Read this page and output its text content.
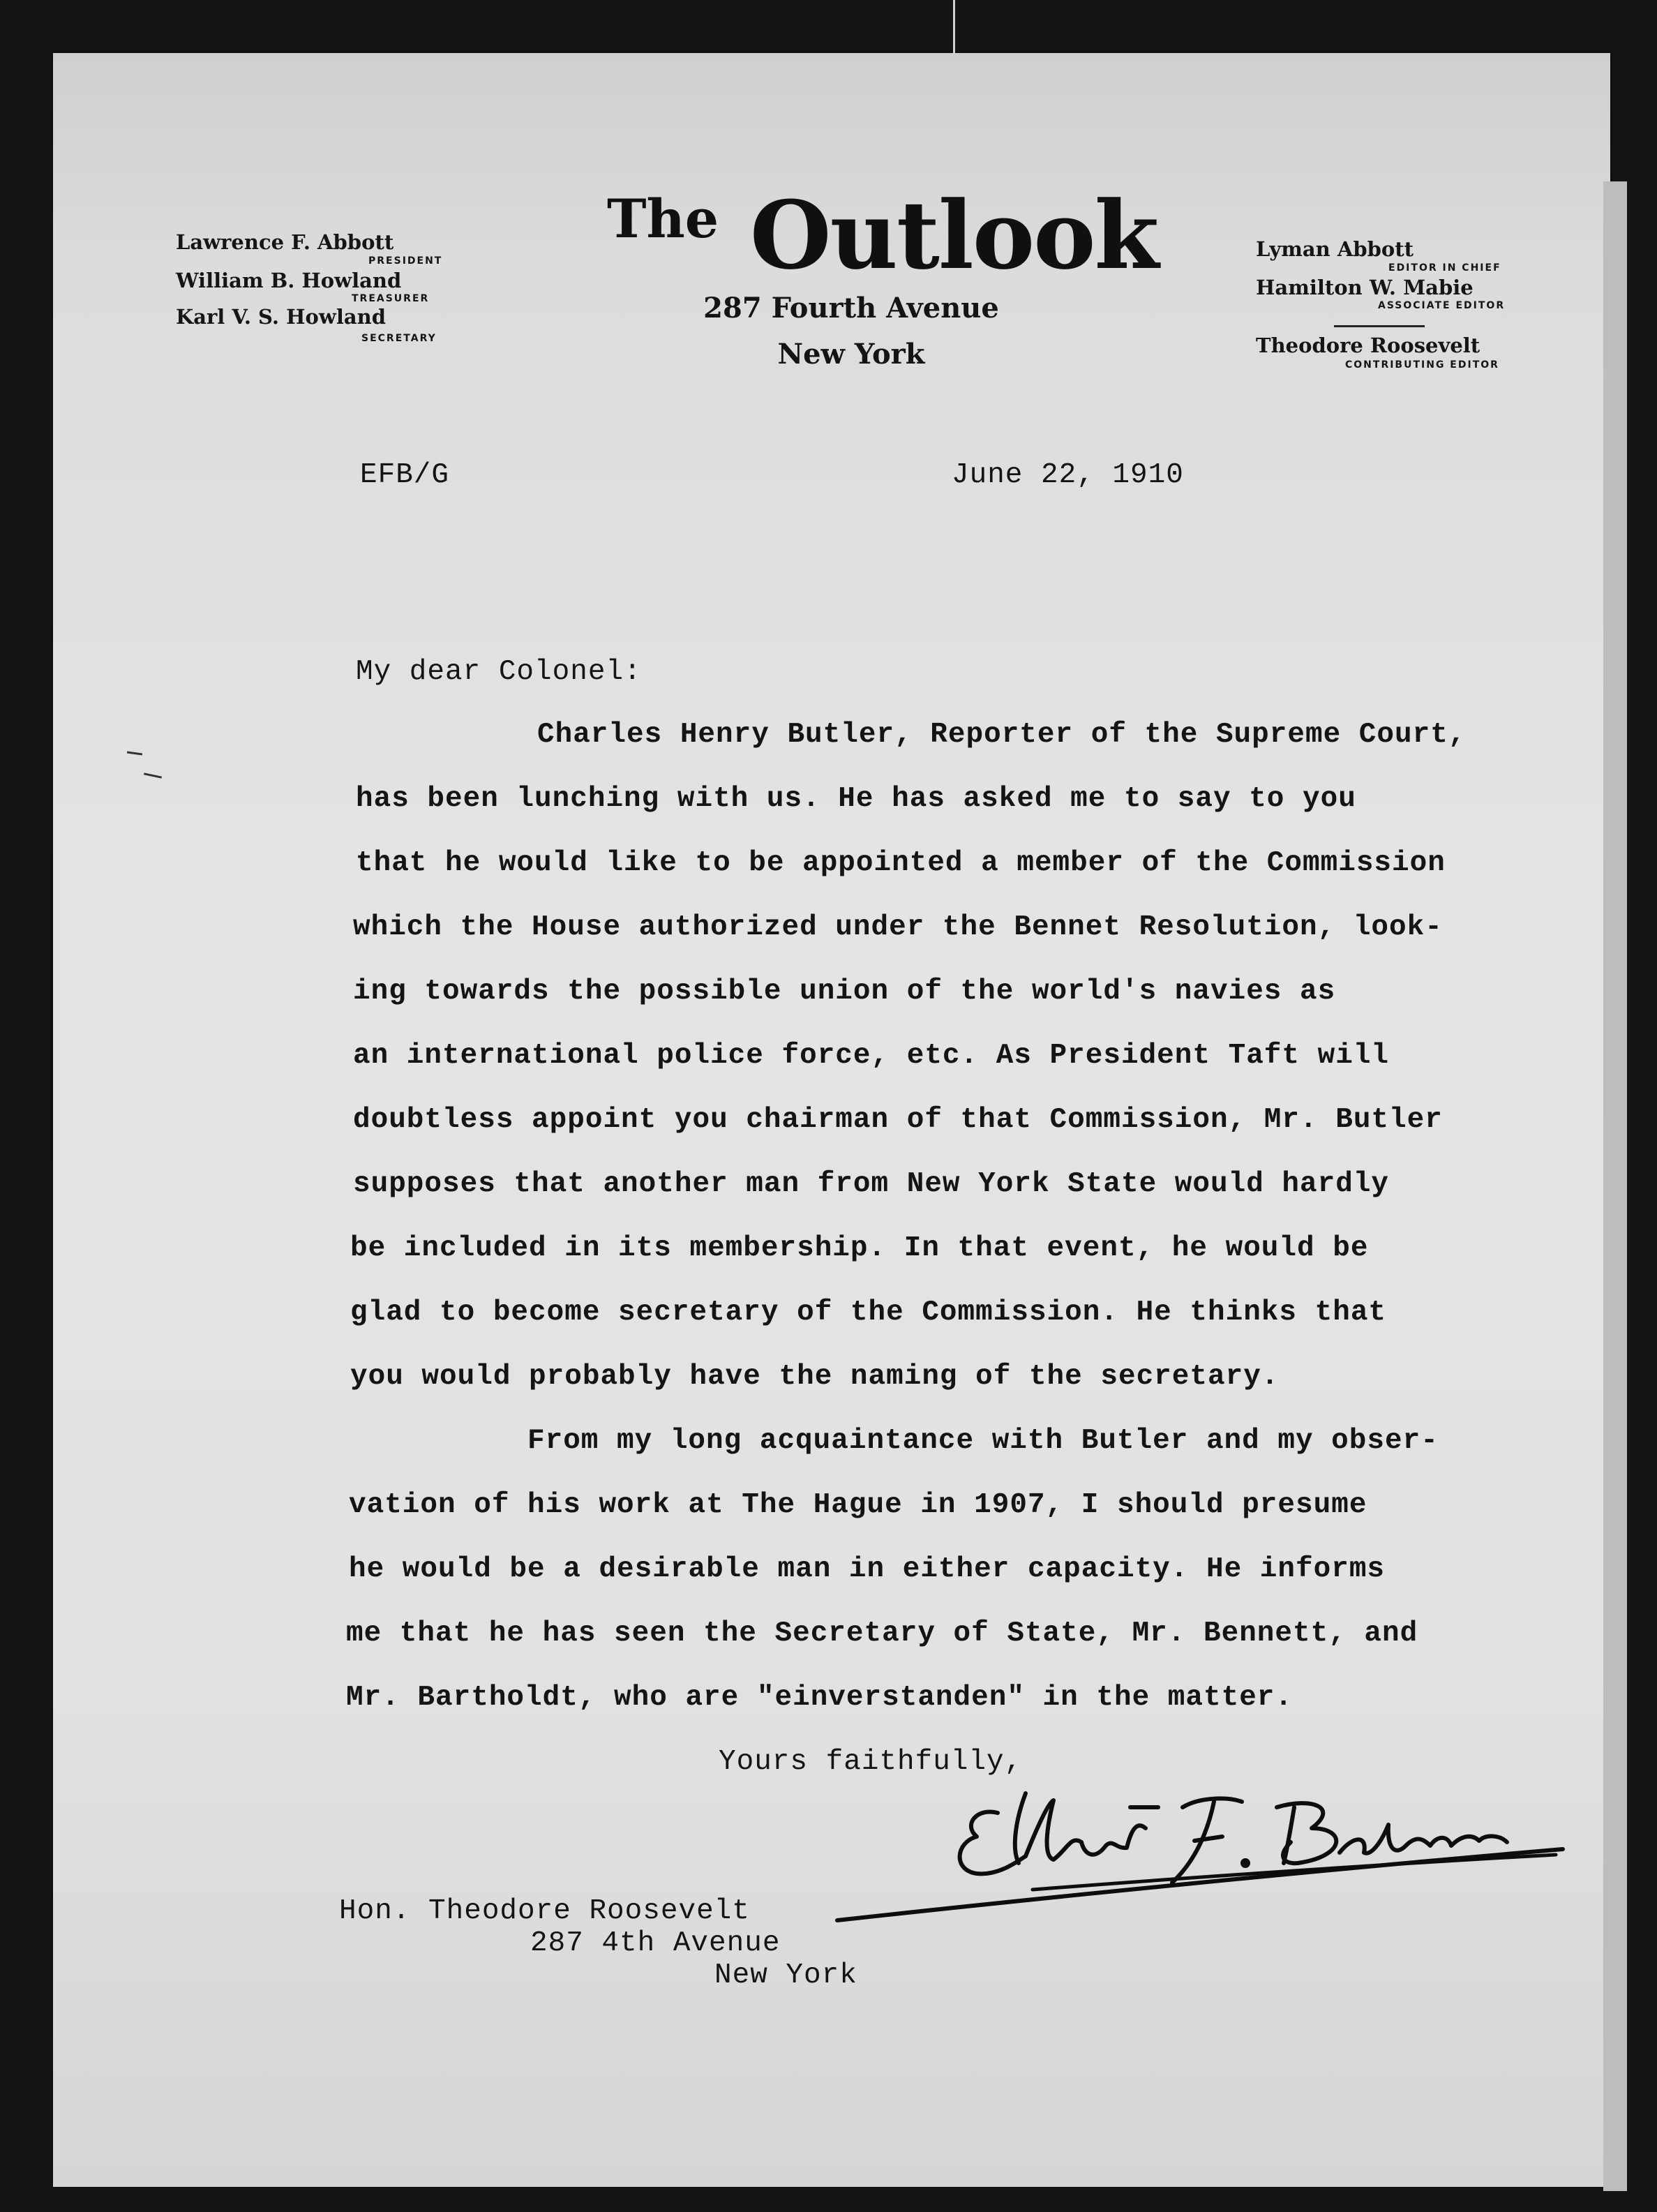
Lawrence F. Abbott
PRESIDENT
William B. Howland
TREASURER
Karl V. S. Howland
SECRETARY
$^{The}$ Outlook
287 Fourth Avenue
New York
Lyman Abbott
EDITOR IN CHIEF
Hamilton W. Mabie
ASSOCIATE EDITOR
Theodore Roosevelt
CONTRIBUTING EDITOR
EFB/G	June 22, 1910
My dear Colonel:
Charles Henry Butler, Reporter of the Supreme Court,
has been lunching with us. He has asked me to say to you
that he would like to be appointed a member of the Commission
which the House authorized under the Bennet Resolution, look-
ing towards the possible union of the world's navies as
an international police force, etc. As President Taft will
doubtless appoint you chairman of that Commission, Mr. Butler
supposes that another man from New York State would hardly
be included in its membership. In that event, he would be
glad to become secretary of the Commission. He thinks that
you would probably have the naming of the secretary.
From my long acquaintance with Butler and my obser-
vation of his work at The Hague in 1907, I should presume
he would be a desirable man in either capacity. He informs
me that he has seen the Secretary of State, Mr. Bennett, and
Mr. Bartholdt, who are "einverstanden" in the matter.
Yours faithfully,
Hon. Theodore Roosevelt
287 4th Avenue
New York
